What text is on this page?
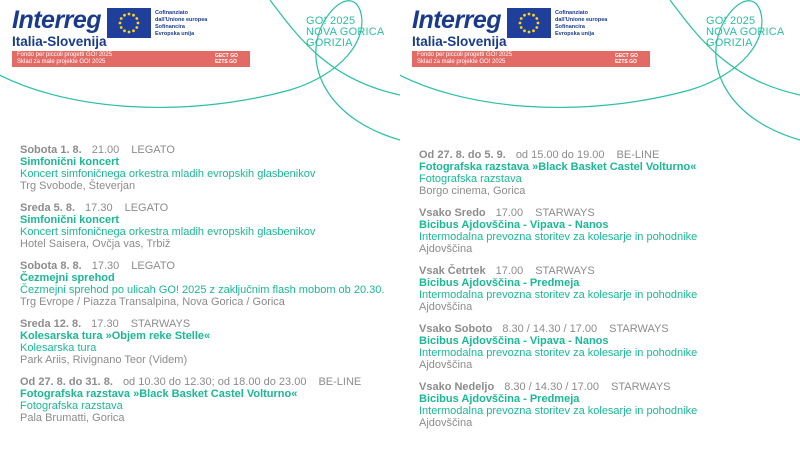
Interreg
Italia-Slovenija
Cofinanziato
dall'Unione europea
Sofinancira
Evropska unija
Fondo per piccoli progetti GO! 2025
Sklad za male projekte GO! 2025
GECT GO
EZTS GO
GO! 2025
NOVA GORICA
GORIZIA
Sobota 1. 8. 21.00 LEGATO
Simfonični koncert
Koncert simfoničnega orkestra mladih evropskih glasbenikov
Trg Svobode, Števerjan
Sreda 5. 8. 17.30 LEGATO
Simfonični koncert
Koncert simfoničnega orkestra mladih evropskih glasbenikov
Hotel Saisera, Ovčja vas, Trbiž
Sobota 8. 8. 17.30 LEGATO
Čezmejni sprehod
Čezmejni sprehod po ulicah GO! 2025 z zaključnim flash mobom ob 20.30.
Trg Evrope / Piazza Transalpina, Nova Gorica / Gorica
Sreda 12. 8. 17.30 STARWAYS
Kolesarska tura »Objem reke Stelle«
Kolesarska tura
Park Ariis, Rivignano Teor (Videm)
Od 27. 8. do 31. 8. od 10.30 do 12.30; od 18.00 do 23.00 BE-LINE
Fotografska razstava »Black Basket Castel Volturno«
Fotografska razstava
Pala Brumatti, Gorica
Interreg
Italia-Slovenija
Cofinanziato
dall'Unione europea
Sofinancira
Evropska unija
Fondo per piccoli progetti GO! 2025
Sklad za male projekte GO! 2025
GECT GO
EZTS GO
GO! 2025
NOVA GORICA
GORIZIA
Od 27. 8. do 5. 9. od 15.00 do 19.00 BE-LINE
Fotografska razstava »Black Basket Castel Volturno«
Fotografska razstava
Borgo cinema, Gorica
Vsako Sredo 17.00 STARWAYS
Bicibus Ajdovščina - Vipava - Nanos
Intermodalna prevozna storitev za kolesarje in pohodnike
Ajdovščina
Vsak Četrtek 17.00 STARWAYS
Bicibus Ajdovščina - Predmeja
Intermodalna prevozna storitev za kolesarje in pohodnike
Ajdovščina
Vsako Soboto 8.30 / 14.30 / 17.00 STARWAYS
Bicibus Ajdovščina - Vipava - Nanos
Intermodalna prevozna storitev za kolesarje in pohodnike
Ajdovščina
Vsako Nedeljo 8.30 / 14.30 / 17.00 STARWAYS
Bicibus Ajdovščina - Predmeja
Intermodalna prevozna storitev za kolesarje in pohodnike
Ajdovščina
